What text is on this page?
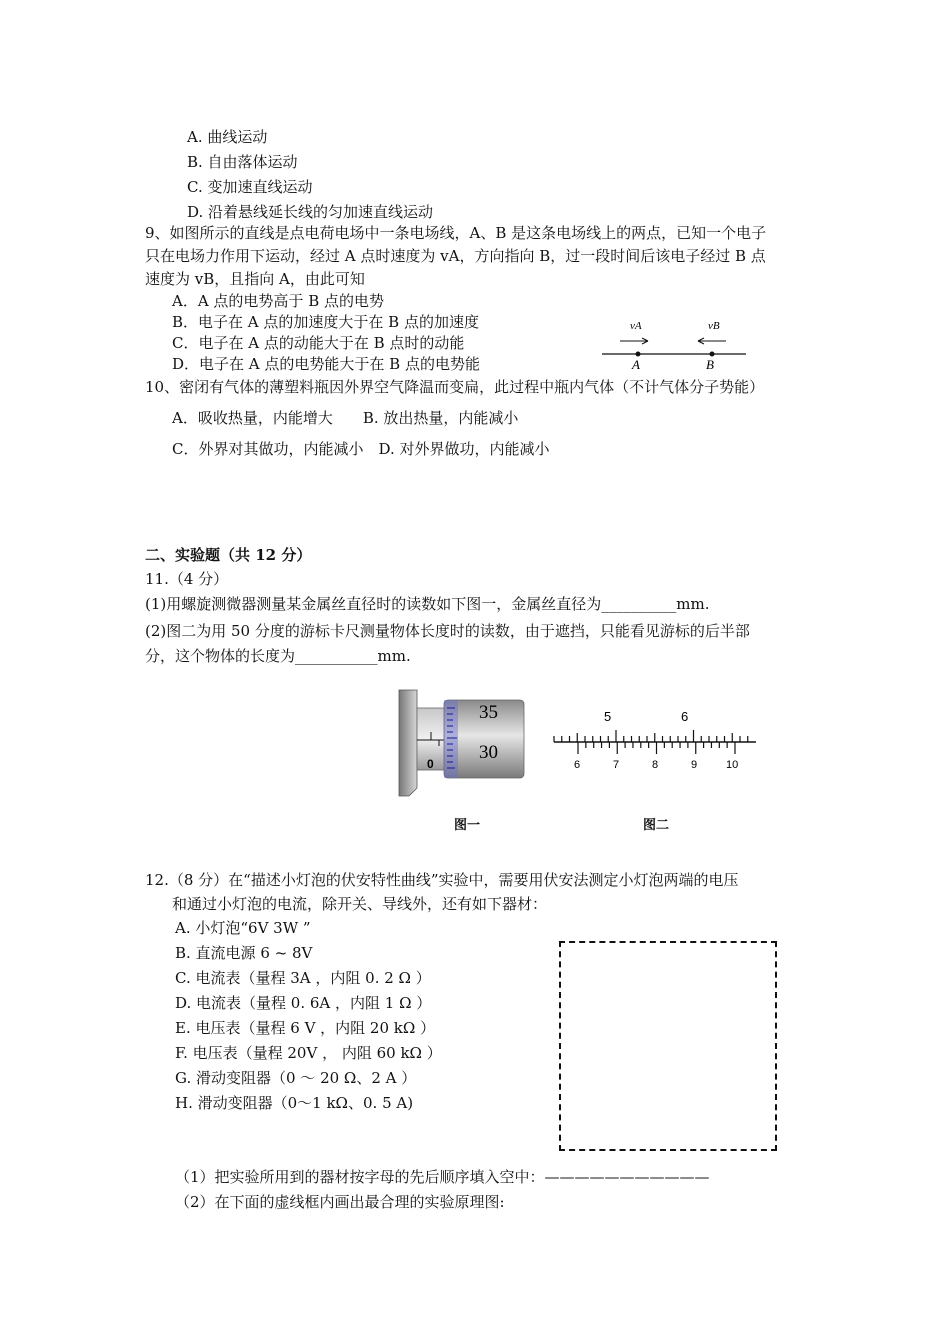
A. 曲线运动
B. 自由落体运动
C. 变加速直线运动
D. 沿着悬线延长线的匀加速直线运动
9、如图所示的直线是点电荷电场中一条电场线，A、B 是这条电场线上的两点，已知一个电子
只在电场力作用下运动，经过 A 点时速度为 vA，方向指向 B，过一段时间后该电子经过 B 点
速度为 vB，且指向 A，由此可知
A．A 点的电势高于 B 点的电势
B．电子在 A 点的加速度大于在 B 点的加速度
C．电子在 A 点的动能大于在 B 点时的动能
D．电子在 A 点的电势能大于在 B 点的电势能
vA	vB
A	B
10、密闭有气体的薄塑料瓶因外界空气降温而变扁，此过程中瓶内气体（不计气体分子势能）
A．吸收热量，内能增大　　B. 放出热量，内能减小
C．外界对其做功，内能减小　D. 对外界做功，内能减小
二、实验题（共 12 分）
11.（4 分）
(1)用螺旋测微器测量某金属丝直径时的读数如下图一，金属丝直径为__________mm.
(2)图二为用 50 分度的游标卡尺测量物体长度时的读数，由于遮挡，只能看见游标的后半部
分，这个物体的长度为___________mm.
0
35
30
图一
5	6
6	7	8	9	10
图二
12.（8 分）在“描述小灯泡的伏安特性曲线”实验中，需要用伏安法测定小灯泡两端的电压
和通过小灯泡的电流，除开关、导线外，还有如下器材：
A. 小灯泡“6V 3W ”
B. 直流电源 6 ~ 8V
C. 电流表（量程 3A ，内阻 0. 2 Ω ）
D. 电流表（量程 0. 6A ，内阻 1 Ω ）
E. 电压表（量程 6 V ，内阻 20 kΩ ）
F. 电压表（量程 20V ， 内阻 60 kΩ ）
G. 滑动变阻器（0 ～ 20 Ω、2 A ）
H. 滑动变阻器（0～1 kΩ、0. 5 A)
（1）把实验所用到的器材按字母的先后顺序填入空中：———————————
（2）在下面的虚线框内画出最合理的实验原理图:
